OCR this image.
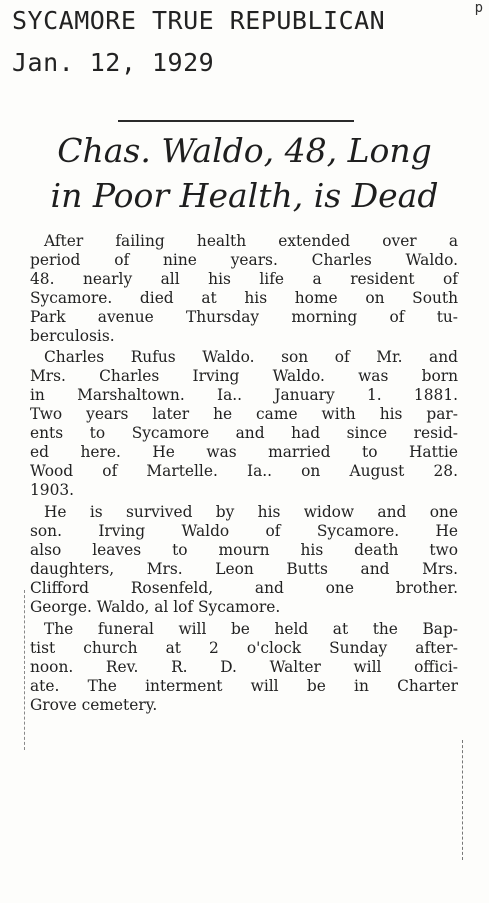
SYCAMORE TRUE REPUBLICAN
Jan. 12, 1929
p
Chas. Waldo, 48, Long
in Poor Health, is Dead

After failing health extended over a
period of nine years. Charles Waldo.
48. nearly all his life a resident of
Sycamore. died at his home on South
Park avenue Thursday morning of tu-
berculosis.

Charles Rufus Waldo. son of Mr. and
Mrs. Charles Irving Waldo. was born
in Marshaltown. Ia.. January 1. 1881.
Two years later he came with his par-
ents to Sycamore and had since resid-
ed here. He was married to Hattie
Wood of Martelle. Ia.. on August 28.
1903.

He is survived by his widow and one
son. Irving Waldo of Sycamore. He
also leaves to mourn his death two
daughters, Mrs. Leon Butts and Mrs.
Clifford Rosenfeld, and one brother.
George. Waldo, al lof Sycamore.

The funeral will be held at the Bap-
tist church at 2 o'clock Sunday after-
noon. Rev. R. D. Walter will offici-
ate. The interment will be in Charter
Grove cemetery.
